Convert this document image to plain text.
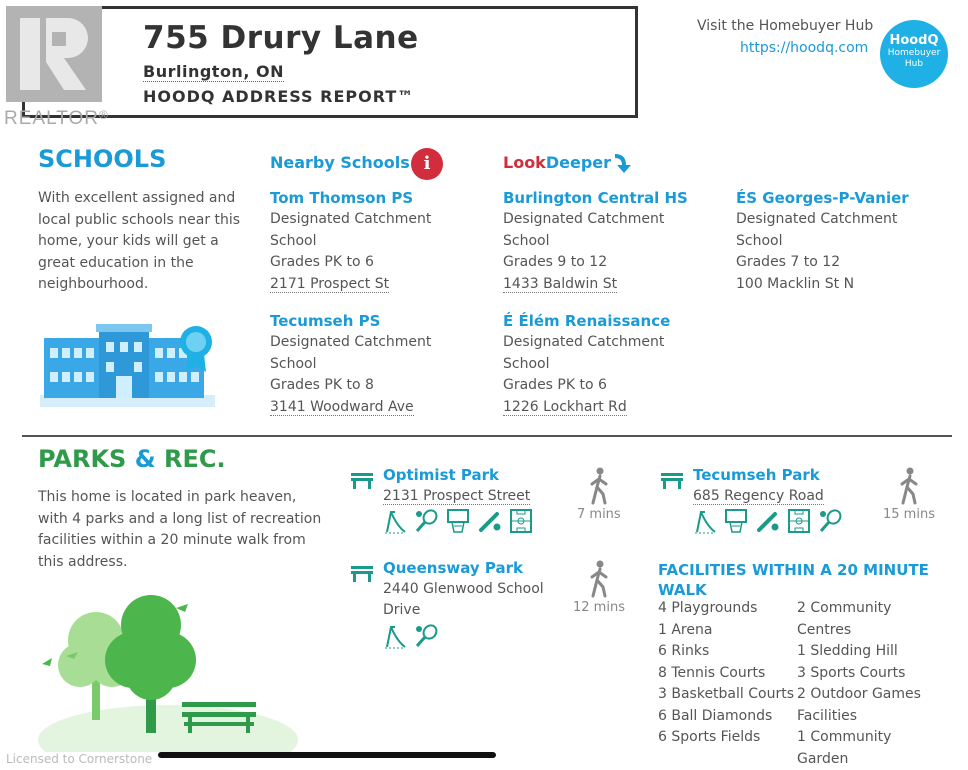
REALTOR®
755 Drury Lane
Burlington, ON
HOODQ ADDRESS REPORT™
Visit the Homebuyer Hub
https://hoodq.com	HoodQ
Homebuyer
Hub
SCHOOLS
With excellent assigned and local public schools near this home, your kids will get a great education in the neighbourhood.
Nearby Schools i	LookDeeper
Tom Thomson PS
Designated Catchment
School
Grades PK to 6
2171 Prospect St
Burlington Central HS
Designated Catchment
School
Grades 9 to 12
1433 Baldwin St
ÉS Georges-P-Vanier
Designated Catchment
School
Grades 7 to 12
100 Macklin St N
Tecumseh PS
Designated Catchment
School
Grades PK to 8
3141 Woodward Ave
É Élém Renaissance
Designated Catchment
School
Grades PK to 6
1226 Lockhart Rd
PARKS & REC.
This home is located in park heaven, with 4 parks and a long list of recreation facilities within a 20 minute walk from this address.
Optimist Park
2131 Prospect Street
7 mins
Tecumseh Park
685 Regency Road
15 mins
Queensway Park
2440 Glenwood School
Drive	12 mins
FACILITIES WITHIN A 20 MINUTE WALK
4 Playgrounds
1 Arena
6 Rinks
8 Tennis Courts
3 Basketball Courts
6 Ball Diamonds
6 Sports Fields
2 Community
Centres
1 Sledding Hill
3 Sports Courts
2 Outdoor Games
Facilities
1 Community
Garden
Licensed to Cornerstone
